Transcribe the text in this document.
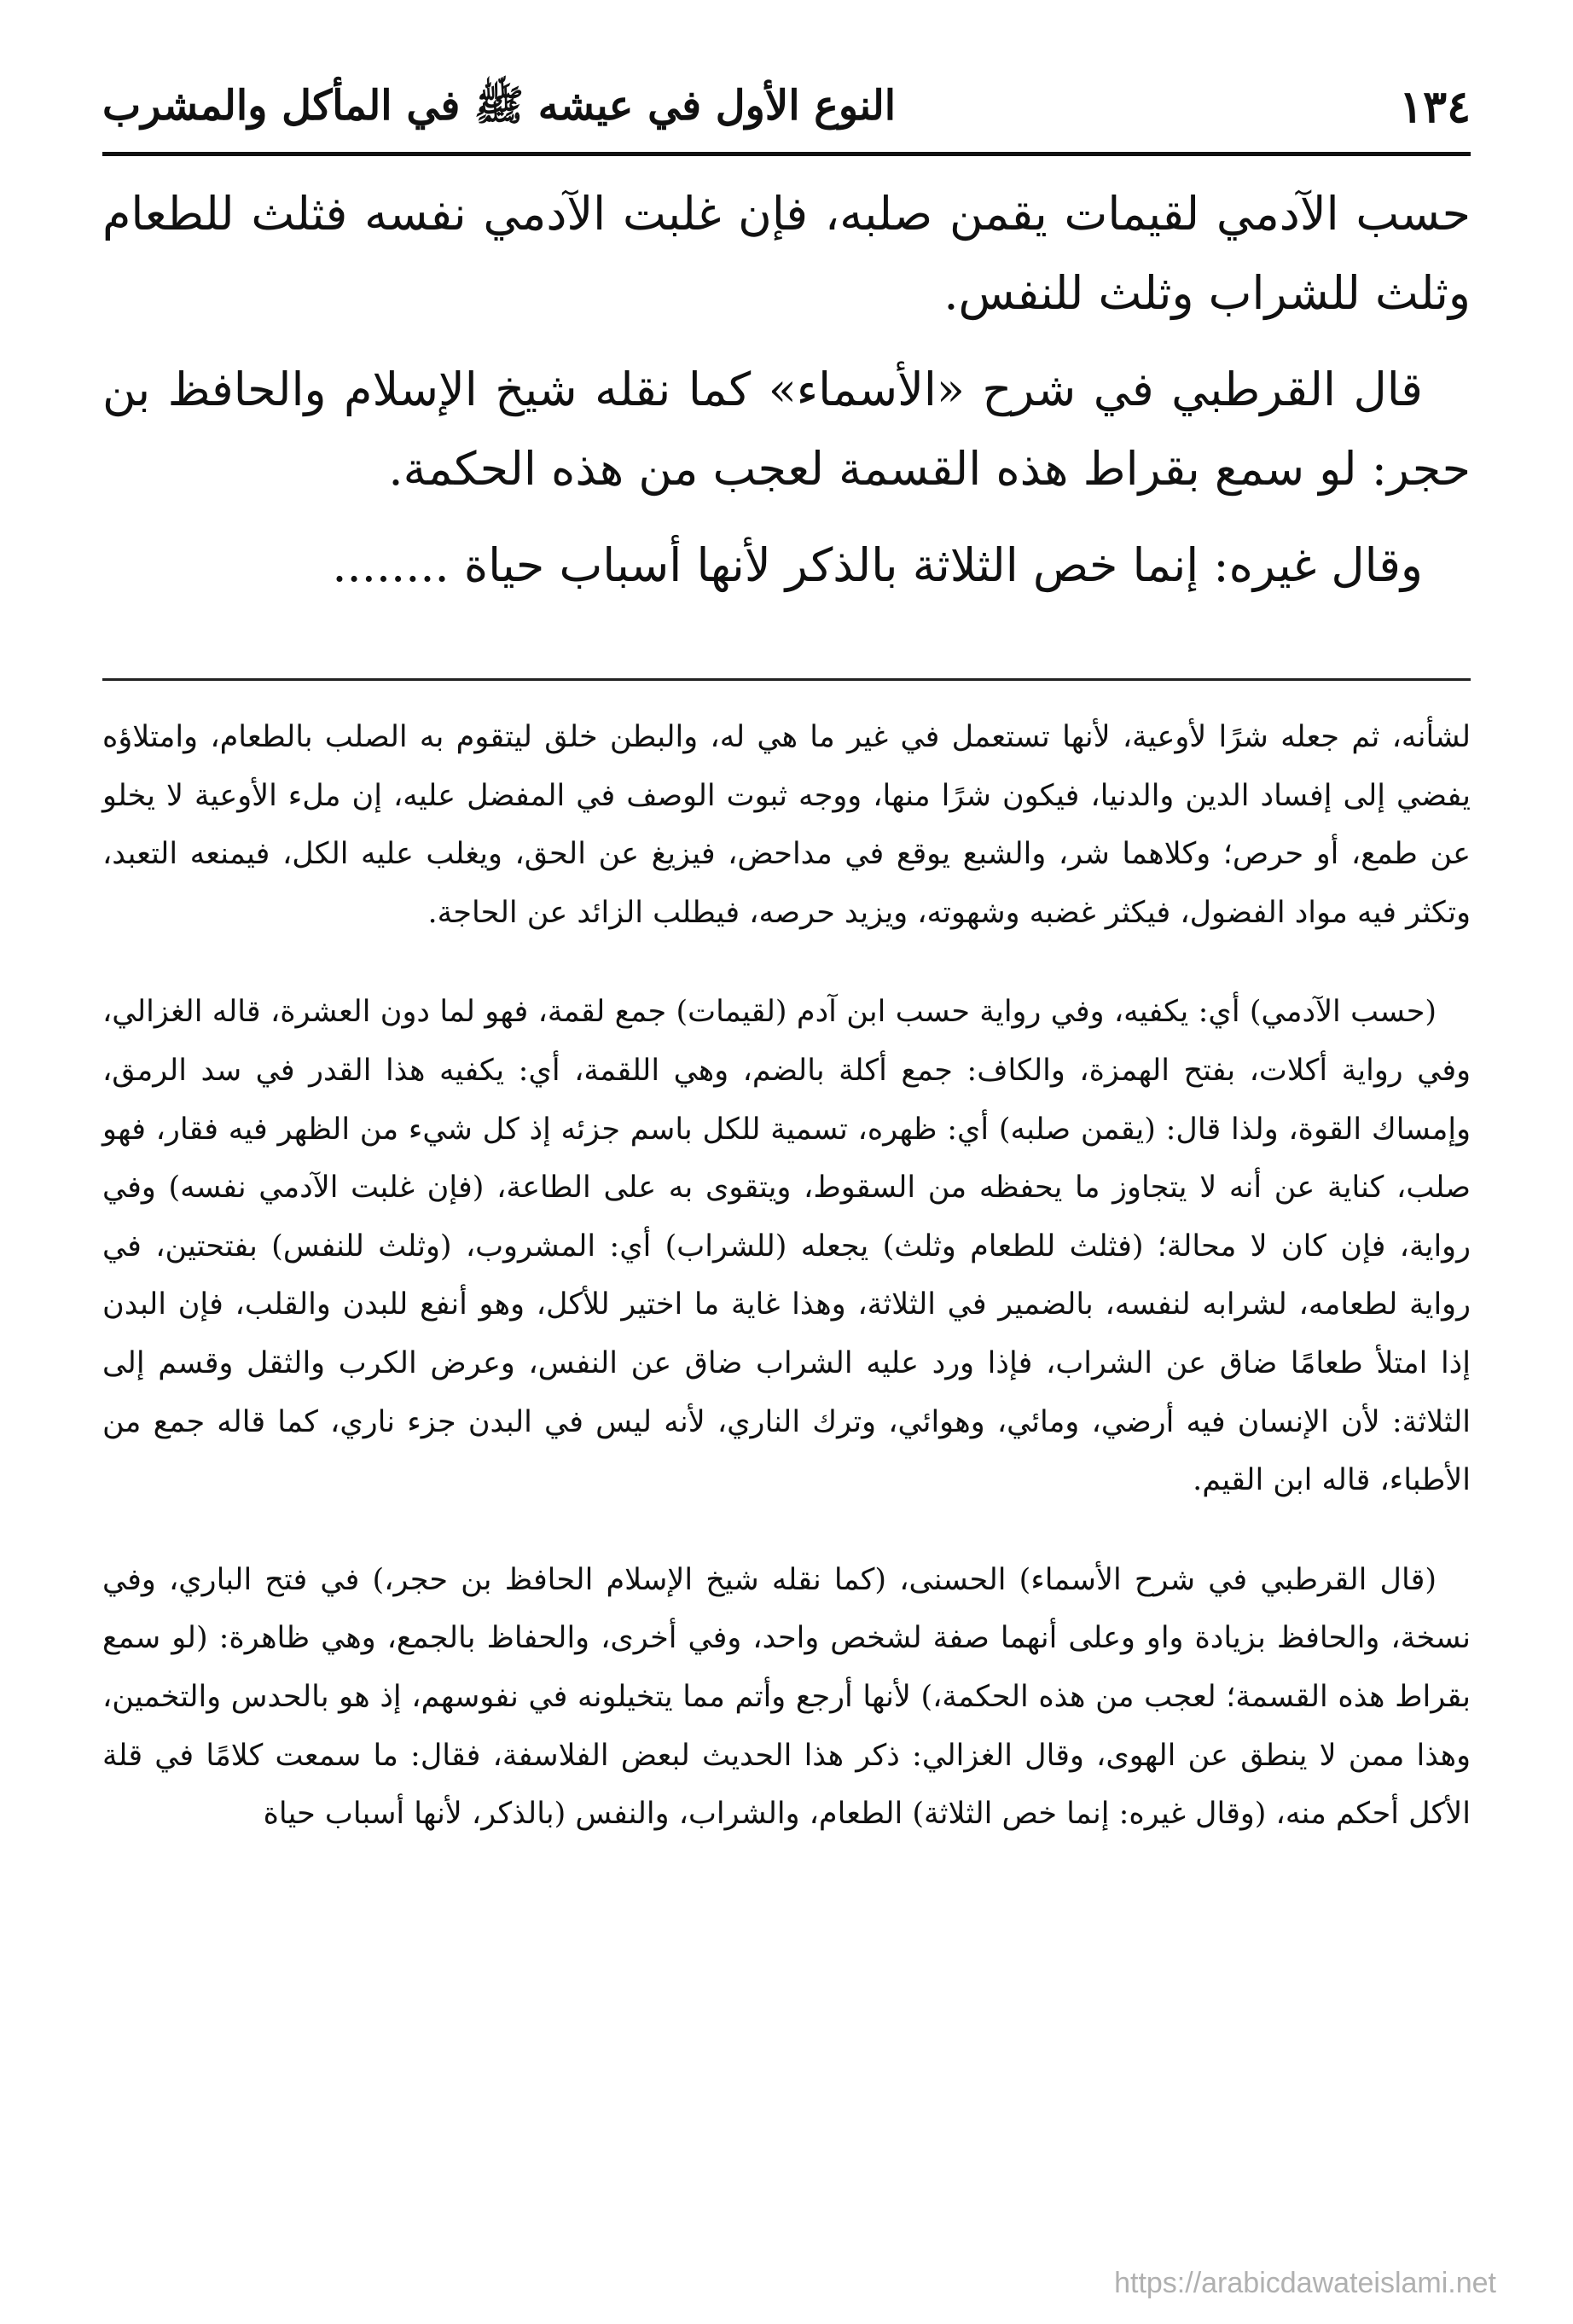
١٣٤
النوع الأول في عيشه ﷺ في المأكل والمشرب

حسب الآدمي لقيمات يقمن صلبه، فإن غلبت الآدمي نفسه فثلث للطعام وثلث للشراب وثلث للنفس.

قال القرطبي في شرح «الأسماء» كما نقله شيخ الإسلام والحافظ بن حجر: لو سمع بقراط هذه القسمة لعجب من هذه الحكمة.

وقال غيره: إنما خص الثلاثة بالذكر لأنها أسباب حياة ........

لشأنه، ثم جعله شرًا لأوعية، لأنها تستعمل في غير ما هي له، والبطن خلق ليتقوم به الصلب بالطعام، وامتلاؤه يفضي إلى إفساد الدين والدنيا، فيكون شرًا منها، ووجه ثبوت الوصف في المفضل عليه، إن ملء الأوعية لا يخلو عن طمع، أو حرص؛ وكلاهما شر، والشبع يوقع في مداحض، فيزيغ عن الحق، ويغلب عليه الكل، فيمنعه التعبد، وتكثر فيه مواد الفضول، فيكثر غضبه وشهوته، ويزيد حرصه، فيطلب الزائد عن الحاجة.

(حسب الآدمي) أي: يكفيه، وفي رواية حسب ابن آدم (لقيمات) جمع لقمة، فهو لما دون العشرة، قاله الغزالي، وفي رواية أكلات، بفتح الهمزة، والكاف: جمع أكلة بالضم، وهي اللقمة، أي: يكفيه هذا القدر في سد الرمق، وإمساك القوة، ولذا قال: (يقمن صلبه) أي: ظهره، تسمية للكل باسم جزئه إذ كل شيء من الظهر فيه فقار، فهو صلب، كناية عن أنه لا يتجاوز ما يحفظه من السقوط، ويتقوى به على الطاعة، (فإن غلبت الآدمي نفسه) وفي رواية، فإن كان لا محالة؛ (فثلث للطعام وثلث) يجعله (للشراب) أي: المشروب، (وثلث للنفس) بفتحتين، في رواية لطعامه، لشرابه لنفسه، بالضمير في الثلاثة، وهذا غاية ما اختير للأكل، وهو أنفع للبدن والقلب، فإن البدن إذا امتلأ طعامًا ضاق عن الشراب، فإذا ورد عليه الشراب ضاق عن النفس، وعرض الكرب والثقل وقسم إلى الثلاثة: لأن الإنسان فيه أرضي، ومائي، وهوائي، وترك الناري، لأنه ليس في البدن جزء ناري، كما قاله جمع من الأطباء، قاله ابن القيم.

(قال القرطبي في شرح الأسماء) الحسنى، (كما نقله شيخ الإسلام الحافظ بن حجر،) في فتح الباري، وفي نسخة، والحافظ بزيادة واو وعلى أنهما صفة لشخص واحد، وفي أخرى، والحفاظ بالجمع، وهي ظاهرة: (لو سمع بقراط هذه القسمة؛ لعجب من هذه الحكمة،) لأنها أرجع وأتم مما يتخيلونه في نفوسهم، إذ هو بالحدس والتخمين، وهذا ممن لا ينطق عن الهوى، وقال الغزالي: ذكر هذا الحديث لبعض الفلاسفة، فقال: ما سمعت كلامًا في قلة الأكل أحكم منه، (وقال غيره: إنما خص الثلاثة) الطعام، والشراب، والنفس (بالذكر، لأنها أسباب حياة

https://arabicdawateislami.net
